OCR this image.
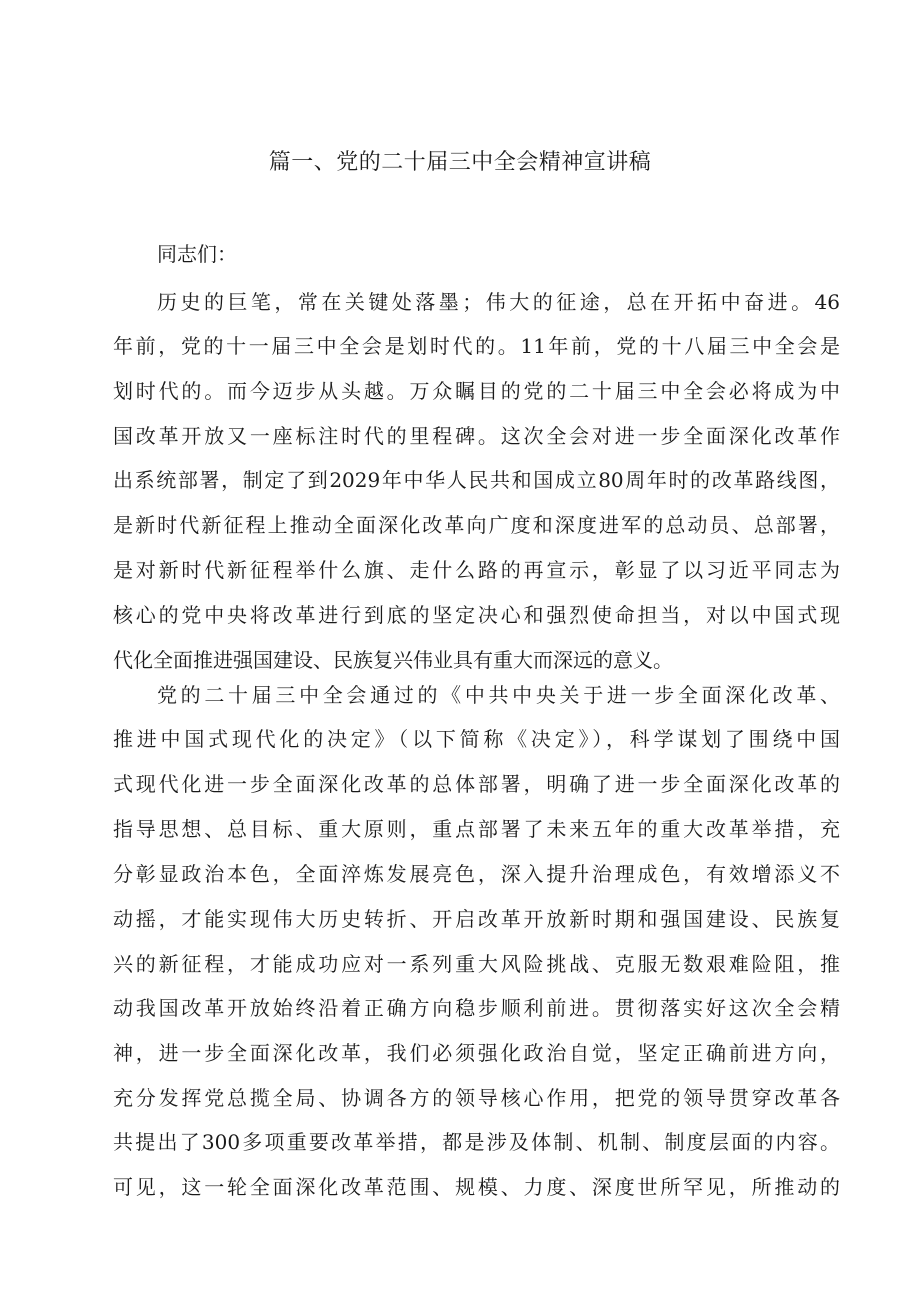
篇一、党的二十届三中全会精神宣讲稿
同志们：
历史的巨笔，常在关键处落墨；伟大的征途，总在开拓中奋进。46
年前，党的十一届三中全会是划时代的。11年前，党的十八届三中全会是
划时代的。而今迈步从头越。万众瞩目的党的二十届三中全会必将成为中
国改革开放又一座标注时代的里程碑。这次全会对进一步全面深化改革作
出系统部署，制定了到2029年中华人民共和国成立80周年时的改革路线图，
是新时代新征程上推动全面深化改革向广度和深度进军的总动员、总部署，
是对新时代新征程举什么旗、走什么路的再宣示，彰显了以习近平同志为
核心的党中央将改革进行到底的坚定决心和强烈使命担当，对以中国式现
代化全面推进强国建设、民族复兴伟业具有重大而深远的意义。
党的二十届三中全会通过的《中共中央关于进一步全面深化改革、
推进中国式现代化的决定》（以下简称《决定》），科学谋划了围绕中国
式现代化进一步全面深化改革的总体部署，明确了进一步全面深化改革的
指导思想、总目标、重大原则，重点部署了未来五年的重大改革举措，充
分彰显政治本色，全面淬炼发展亮色，深入提升治理成色，有效增添义不
动摇，才能实现伟大历史转折、开启改革开放新时期和强国建设、民族复
兴的新征程，才能成功应对一系列重大风险挑战、克服无数艰难险阻，推
动我国改革开放始终沿着正确方向稳步顺利前进。贯彻落实好这次全会精
神，进一步全面深化改革，我们必须强化政治自觉，坚定正确前进方向，
充分发挥党总揽全局、协调各方的领导核心作用，把党的领导贯穿改革各
共提出了300多项重要改革举措，都是涉及体制、机制、制度层面的内容。
可见，这一轮全面深化改革范围、规模、力度、深度世所罕见，所推动的
